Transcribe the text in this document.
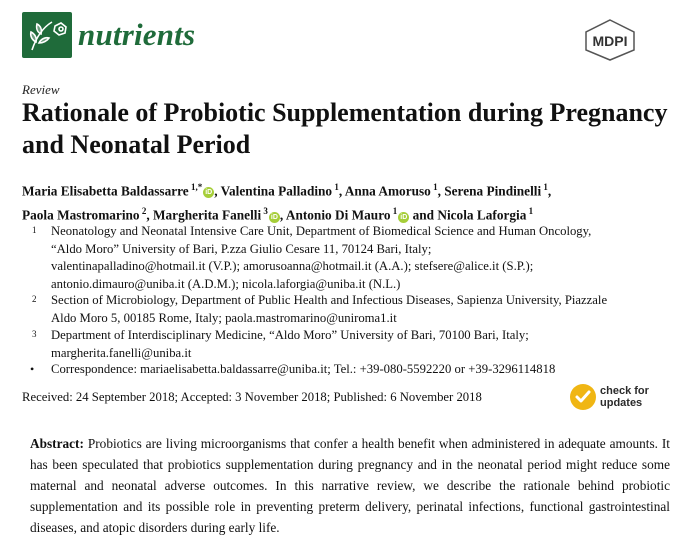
nutrients	MDPI
Review
Rationale of Probiotic Supplementation during Pregnancy and Neonatal Period
Maria Elisabetta Baldassarre $^{1,*}$iD , Valentina Palladino $^1$, Anna Amoruso $^1$, Serena Pindinelli $^1$,
Paola Mastromarino $^2$, Margherita Fanelli $^3$iD , Antonio Di Mauro $^1$iD and Nicola Laforgia $^1$
1 Neonatology and Neonatal Intensive Care Unit, Department of Biomedical Science and Human Oncology,
“Aldo Moro” University of Bari, P.zza Giulio Cesare 11, 70124 Bari, Italy;
valentinapalladino@hotmail.it (V.P.); amorusoanna@hotmail.it (A.A.); stefsere@alice.it (S.P.);
antonio.dimauro@uniba.it (A.D.M.); nicola.laforgia@uniba.it (N.L.)
2 Section of Microbiology, Department of Public Health and Infectious Diseases, Sapienza University, Piazzale
Aldo Moro 5, 00185 Rome, Italy; paola.mastromarino@uniroma1.it
3 Department of Interdisciplinary Medicine, “Aldo Moro” University of Bari, 70100 Bari, Italy;
margherita.fanelli@uniba.it
• Correspondence: mariaelisabetta.baldassarre@uniba.it; Tel.: +39-080-5592220 or +39-3296114818
Received: 24 September 2018; Accepted: 3 November 2018; Published: 6 November 2018	check for
updates
Abstract: Probiotics are living microorganisms that confer a health benefit when administered in adequate amounts. It has been speculated that probiotics supplementation during pregnancy and in the neonatal period might reduce some maternal and neonatal adverse outcomes. In this narrative review, we describe the rationale behind probiotic supplementation and its possible role in preventing preterm delivery, perinatal infections, functional gastrointestinal diseases, and atopic disorders during early life.
